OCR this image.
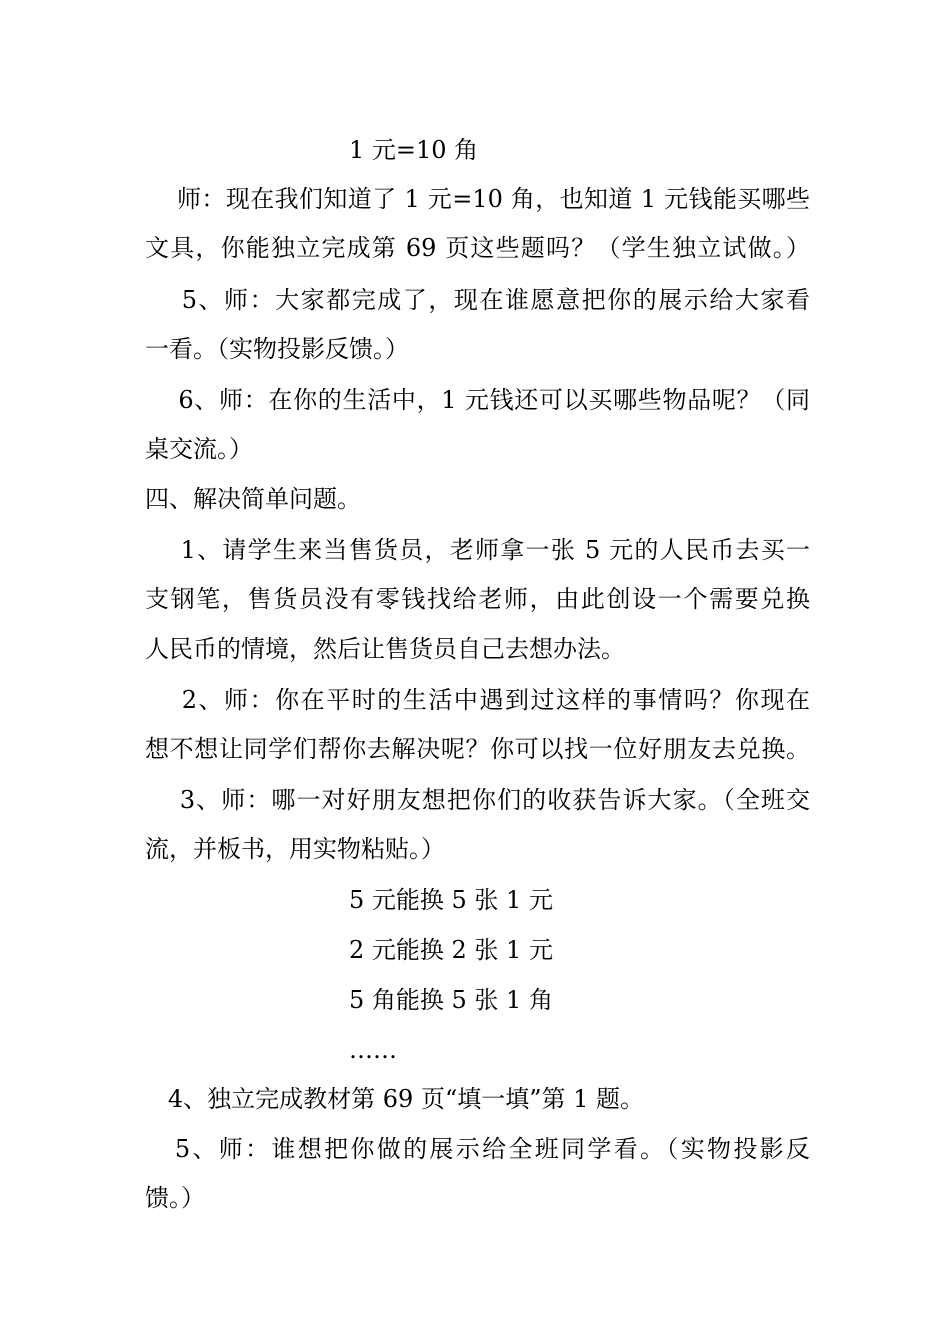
1 元=10 角
师：现在我们知道了 1 元=10 角，也知道 1 元钱能买哪些
文具，你能独立完成第 69 页这些题吗？（学生独立试做。）
5、师：大家都完成了，现在谁愿意把你的展示给大家看
一看。（实物投影反馈。）
6、师：在你的生活中，1 元钱还可以买哪些物品呢？（同
桌交流。）
四、解决简单问题。
1、请学生来当售货员，老师拿一张 5 元的人民币去买一
支钢笔，售货员没有零钱找给老师，由此创设一个需要兑换
人民币的情境，然后让售货员自己去想办法。
2、师：你在平时的生活中遇到过这样的事情吗？你现在
想不想让同学们帮你去解决呢？你可以找一位好朋友去兑换。
3、师：哪一对好朋友想把你们的收获告诉大家。（全班交
流，并板书，用实物粘贴。）
5 元能换 5 张 1 元
2 元能换 2 张 1 元
5 角能换 5 张 1 角
……
4、独立完成教材第 69 页“填一填”第 1 题。
5、师：谁想把你做的展示给全班同学看。（实物投影反
馈。）
